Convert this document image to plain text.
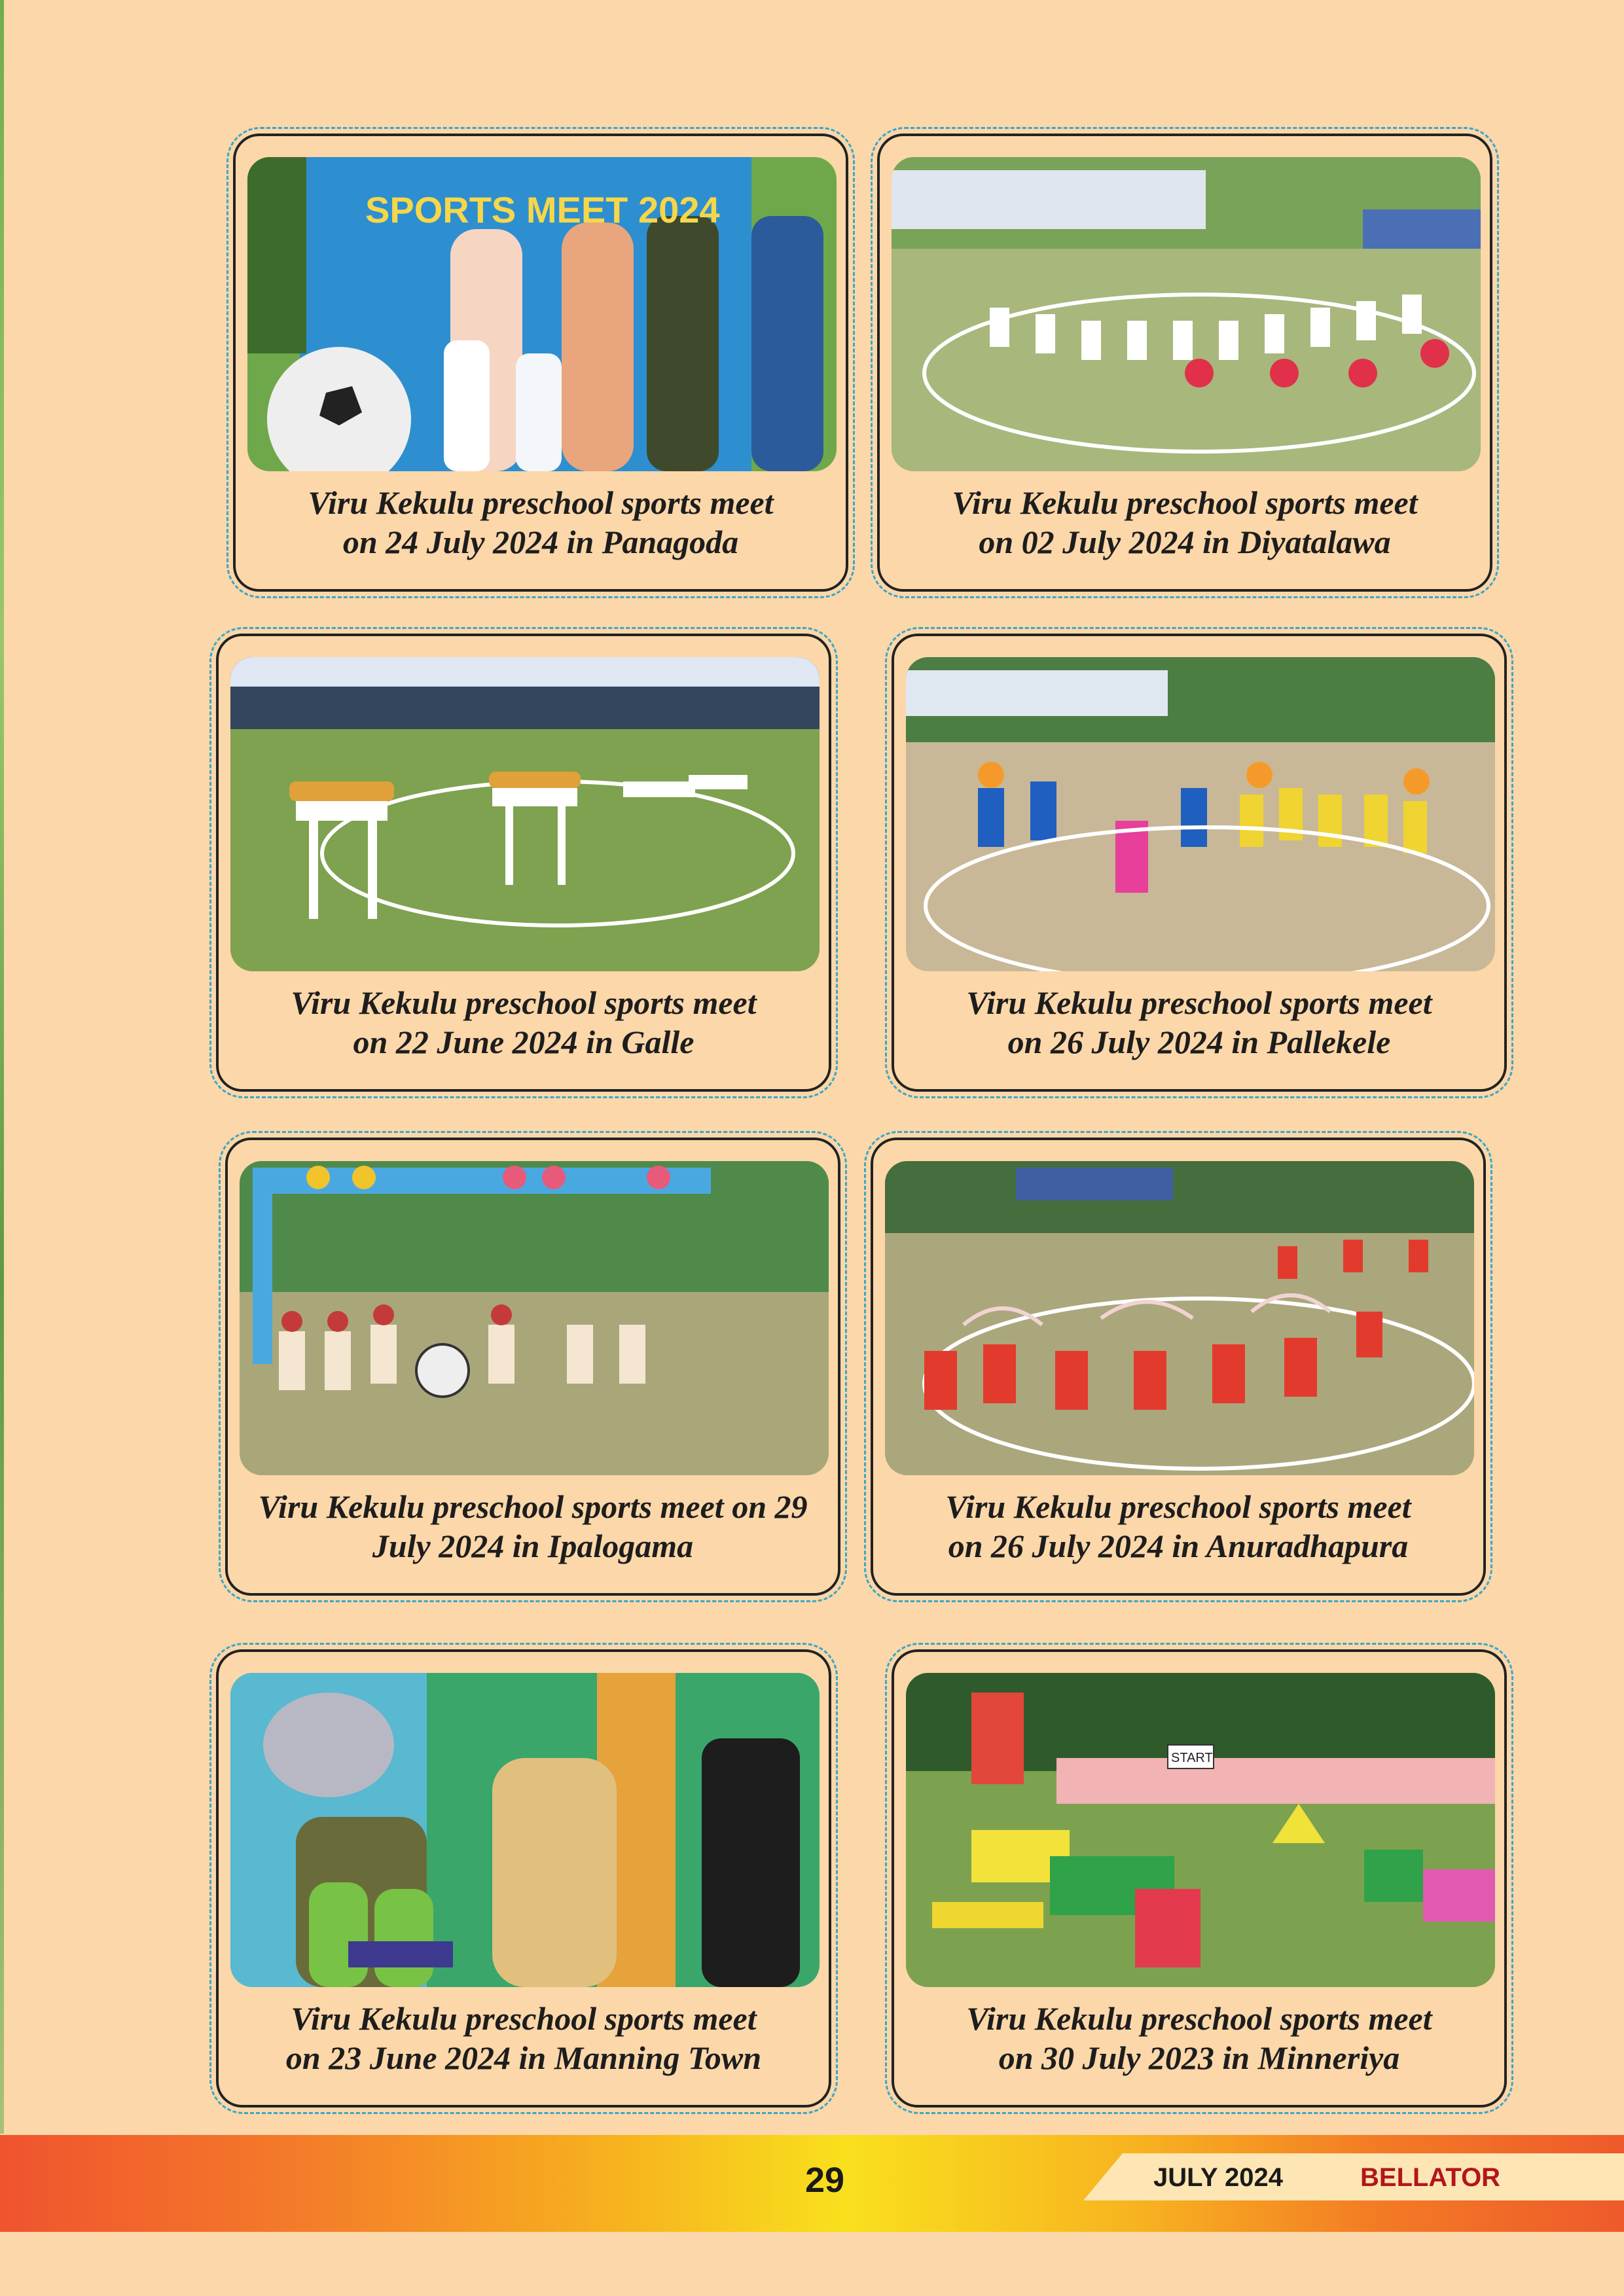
SPORTS MEET 2024
Viru Kekulu preschool sports meet
on 24 July 2024 in Panagoda
Viru Kekulu preschool sports meet
on 02 July 2024 in Diyatalawa
Viru Kekulu preschool sports meet
on 22 June 2024 in Galle
Viru Kekulu preschool sports meet
on 26 July 2024 in Pallekele
Viru Kekulu preschool sports meet on 29
July 2024 in Ipalogama
Viru Kekulu preschool sports meet
on 26 July 2024 in Anuradhapura
Viru Kekulu preschool sports meet
on 23 June 2024 in Manning Town
START
Viru Kekulu preschool sports meet
on 30 July 2023 in Minneriya
29	JULY 2024	BELLATOR
